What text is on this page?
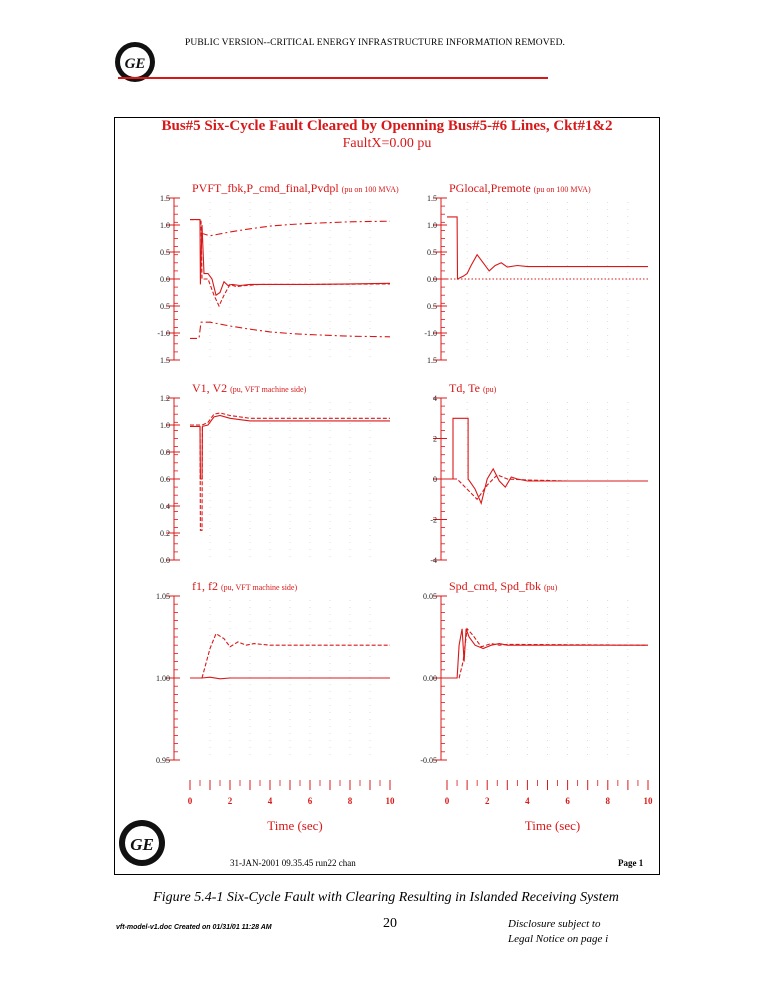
GE
PUBLIC VERSION--CRITICAL ENERGY INFRASTRUCTURE INFORMATION REMOVED.
Bus#5 Six-Cycle Fault Cleared by Openning Bus#5-#6 Lines, Ckt#1&2
FaultX=0.00 pu
1.5
1.0
0.5
0.0
0.5
-1.0
1.5
PVFT_fbk,P_cmd_final,Pvdpl (pu on 100 MVA)
1.5
1.0
0.5
0.0
0.5
-1.0
1.5
PGlocal,Premote (pu on 100 MVA)
1.2
1.0
0.8
0.6
0.4
0.2
0.0
V1, V2 (pu, VFT machine side)
4
2
0
-2
-4
Td, Te (pu)
1.05
1.00
0.95
f1, f2 (pu, VFT machine side)
0	2	4	6	8	10
Time (sec)
0.05
0.00
-0.05
Spd_cmd, Spd_fbk (pu)
0	2	4	6	8	10
Time (sec)
GE
31-JAN-2001 09.35.45 run22 chan	Page 1
Figure 5.4-1 Six-Cycle Fault with Clearing Resulting in Islanded Receiving System
vft-model-v1.doc Created on 01/31/01 11:28 AM	20	Disclosure subject to
Legal Notice on page i
